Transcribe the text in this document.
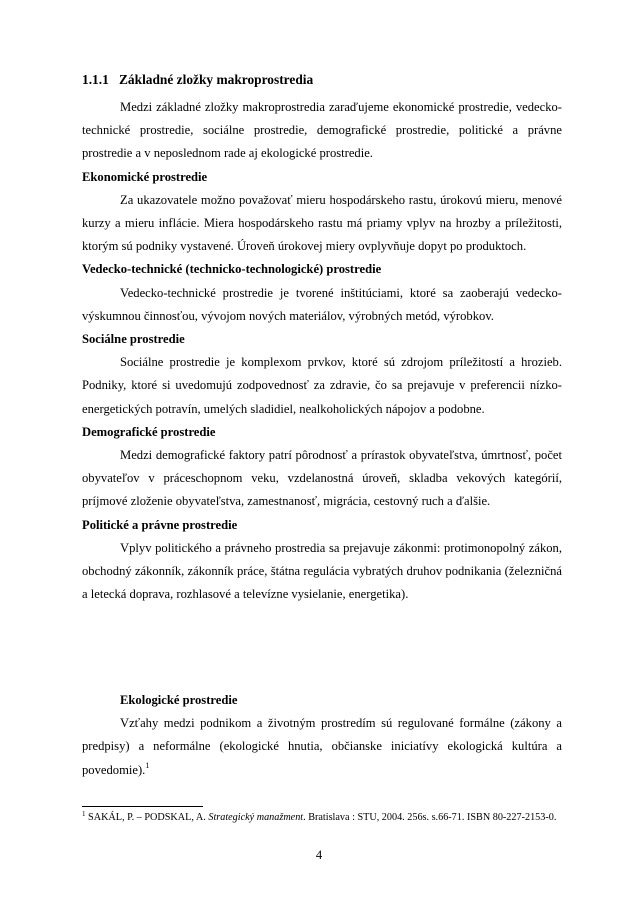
1.1.1 Základné zložky makroprostredia

Medzi základné zložky makroprostredia zaraďujeme ekonomické prostredie, vedecko-technické prostredie, sociálne prostredie, demografické prostredie, politické a právne prostredie a v neposlednom rade aj ekologické prostredie.

Ekonomické prostredie

Za ukazovatele možno považovať mieru hospodárskeho rastu, úrokovú mieru, menové kurzy a mieru inflácie. Miera hospodárskeho rastu má priamy vplyv na hrozby a príležitosti, ktorým sú podniky vystavené. Úroveň úrokovej miery ovplyvňuje dopyt po produktoch.

Vedecko-technické (technicko-technologické) prostredie

Vedecko-technické prostredie je tvorené inštitúciami, ktoré sa zaoberajú vedecko-výskumnou činnosťou, vývojom nových materiálov, výrobných metód, výrobkov.

Sociálne prostredie

Sociálne prostredie je komplexom prvkov, ktoré sú zdrojom príležitostí a hrozieb. Podniky, ktoré si uvedomujú zodpovednosť za zdravie, čo sa prejavuje v preferencii nízko-energetických potravín, umelých sladidiel, nealkoholických nápojov a podobne.

Demografické prostredie

Medzi demografické faktory patrí pôrodnosť a prírastok obyvateľstva, úmrtnosť, počet obyvateľov v práceschopnom veku, vzdelanostná úroveň, skladba vekových kategórií, príjmové zloženie obyvateľstva, zamestnanosť, migrácia, cestovný ruch a ďalšie.

Politické a právne prostredie

Vplyv politického a právneho prostredia sa prejavuje zákonmi: protimonopolný zákon, obchodný zákonník, zákonník práce, štátna regulácia vybratých druhov podnikania (železničná a letecká doprava, rozhlasové a televízne vysielanie, energetika).

Ekologické prostredie

Vzťahy medzi podnikom a životným prostredím sú regulované formálne (zákony a predpisy) a neformálne (ekologické hnutia, občianske iniciatívy ekologická kultúra a povedomie).$^1$

$^1$ SAKÁL, P. – PODSKAL, A. Strategický manažment. Bratislava : STU, 2004. 256s. s.66-71. ISBN 80-227-2153-0.
4
